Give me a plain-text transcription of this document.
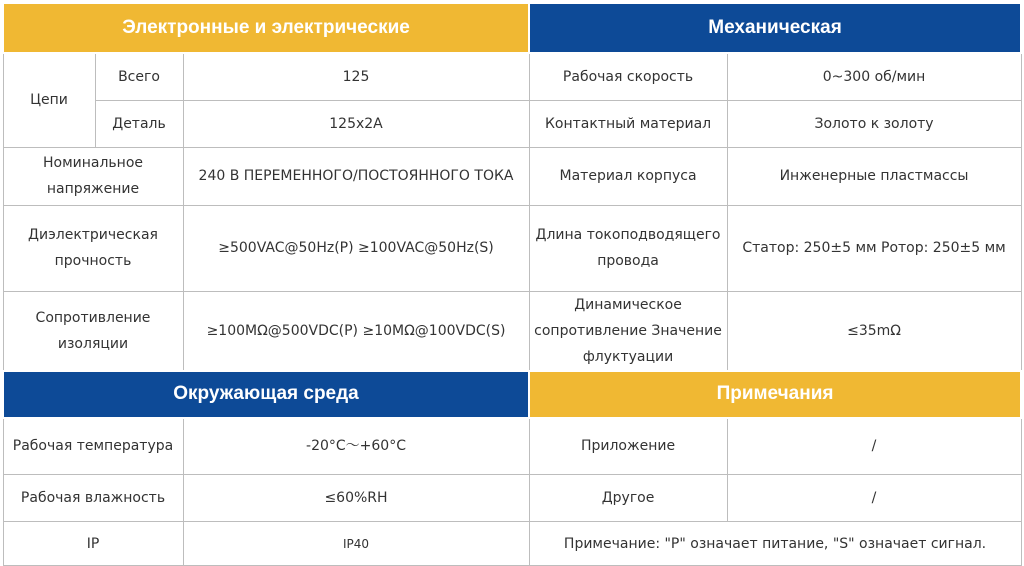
Электронные и электрические			Механическая	
Цепи	Всего	125	Рабочая скорость	0~300 об/мин
	Деталь	125x2A	Контактный материал	Золото к золоту
Номинальное напряжение		240 В ПЕРЕМЕННОГО/ПОСТОЯННОГО ТОКА	Материал корпуса	Инженерные пластмассы
Диэлектрическая прочность		≥500VAC@50Hz(P) ≥100VAC@50Hz(S)	Длина токоподводящего провода	Статор: 250±5 мм Ротор: 250±5 мм
Сопротивление изоляции		≥100MΩ@500VDC(P) ≥10MΩ@100VDC(S)	Динамическое сопротивление Значение флуктуации	≤35mΩ
Окружающая среда			Примечания	
Рабочая температура		-20°C～+60°C	Приложение	/
Рабочая влажность		≤60%RH	Другое	/
IP		IP40	Примечание: "P" означает питание, "S" означает сигнал.	
